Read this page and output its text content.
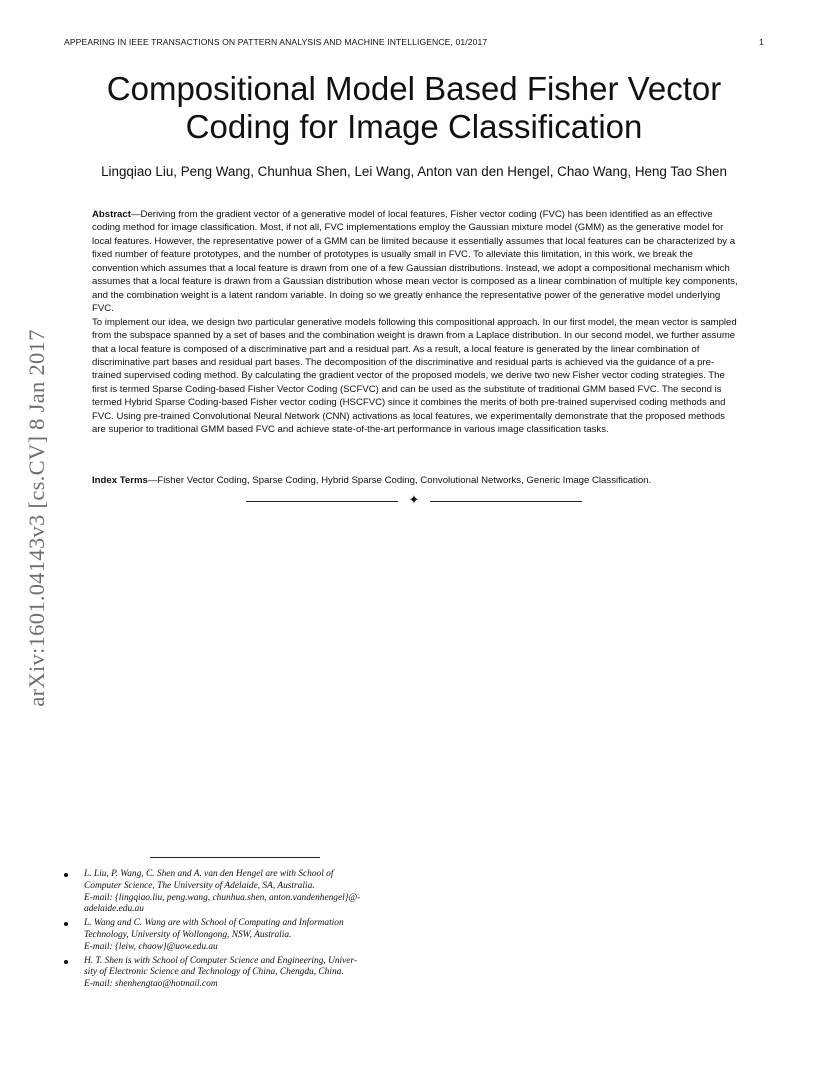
APPEARING IN IEEE TRANSACTIONS ON PATTERN ANALYSIS AND MACHINE INTELLIGENCE, 01/2017	1
Compositional Model Based Fisher Vector
Coding for Image Classification
Lingqiao Liu, Peng Wang, Chunhua Shen, Lei Wang, Anton van den Hengel, Chao Wang, Heng Tao Shen

Abstract—Deriving from the gradient vector of a generative model of local features, Fisher vector coding (FVC) has been identified as an effective coding method for image classification. Most, if not all, FVC implementations employ the Gaussian mixture model (GMM) as the generative model for local features. However, the representative power of a GMM can be limited because it essentially assumes that local features can be characterized by a fixed number of feature prototypes, and the number of prototypes is usually small in FVC. To alleviate this limitation, in this work, we break the convention which assumes that a local feature is drawn from one of a few Gaussian distributions. Instead, we adopt a compositional mechanism which assumes that a local feature is drawn from a Gaussian distribution whose mean vector is composed as a linear combination of multiple key components, and the combination weight is a latent random variable. In doing so we greatly enhance the representative power of the generative model underlying FVC.

To implement our idea, we design two particular generative models following this compositional approach. In our first model, the mean vector is sampled from the subspace spanned by a set of bases and the combination weight is drawn from a Laplace distribution. In our second model, we further assume that a local feature is composed of a discriminative part and a residual part. As a result, a local feature is generated by the linear combination of discriminative part bases and residual part bases. The decomposition of the discriminative and residual parts is achieved via the guidance of a pre-trained supervised coding method. By calculating the gradient vector of the proposed models, we derive two new Fisher vector coding strategies. The first is termed Sparse Coding-based Fisher Vector Coding (SCFVC) and can be used as the substitute of traditional GMM based FVC. The second is termed Hybrid Sparse Coding-based Fisher vector coding (HSCFVC) since it combines the merits of both pre-trained supervised coding methods and FVC. Using pre-trained Convolutional Neural Network (CNN) activations as local features, we experimentally demonstrate that the proposed methods are superior to traditional GMM based FVC and achieve state-of-the-art performance in various image classification tasks.

Index Terms—Fisher Vector Coding, Sparse Coding, Hybrid Sparse Coding, Convolutional Networks, Generic Image Classification.
✦
arXiv:1601.04143v3 [cs.CV] 8 Jan 2017
L. Liu, P. Wang, C. Shen and A. van den Hengel are with School of
Computer Science, The University of Adelaide, SA, Australia.
E-mail: {lingqiao.liu, peng.wang, chunhua.shen, anton.vandenhengel}@-
adelaide.edu.au
L. Wang and C. Wang are with School of Computing and Information
Technology, University of Wollongong, NSW, Australia.
E-mail: {leiw, chaow}@uow.edu.au
H. T. Shen is with School of Computer Science and Engineering, Univer-
sity of Electronic Science and Technology of China, Chengdu, China.
E-mail: shenhengtao@hotmail.com
